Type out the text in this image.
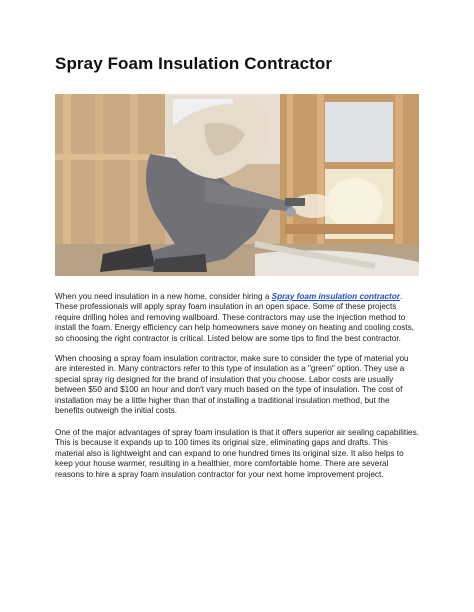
Spray Foam Insulation Contractor

When you need insulation in a new home, consider hiring a Spray foam insulation contractor. These professionals will apply spray foam insulation in an open space. Some of these projects require drilling holes and removing wallboard. These contractors may use the injection method to install the foam. Energy efficiency can help homeowners save money on heating and cooling costs, so choosing the right contractor is critical. Listed below are some tips to find the best contractor.

When choosing a spray foam insulation contractor, make sure to consider the type of material you are interested in. Many contractors refer to this type of insulation as a "green" option. They use a special spray rig designed for the brand of insulation that you choose. Labor costs are usually between $50 and $100 an hour and don't vary much based on the type of insulation. The cost of installation may be a little higher than that of installing a traditional insulation method, but the benefits outweigh the initial costs.

One of the major advantages of spray foam insulation is that it offers superior air sealing capabilities. This is because it expands up to 100 times its original size, eliminating gaps and drafts. This material also is lightweight and can expand to one hundred times its original size. It also helps to keep your house warmer, resulting in a healthier, more comfortable home. There are several reasons to hire a spray foam insulation contractor for your next home improvement project.
